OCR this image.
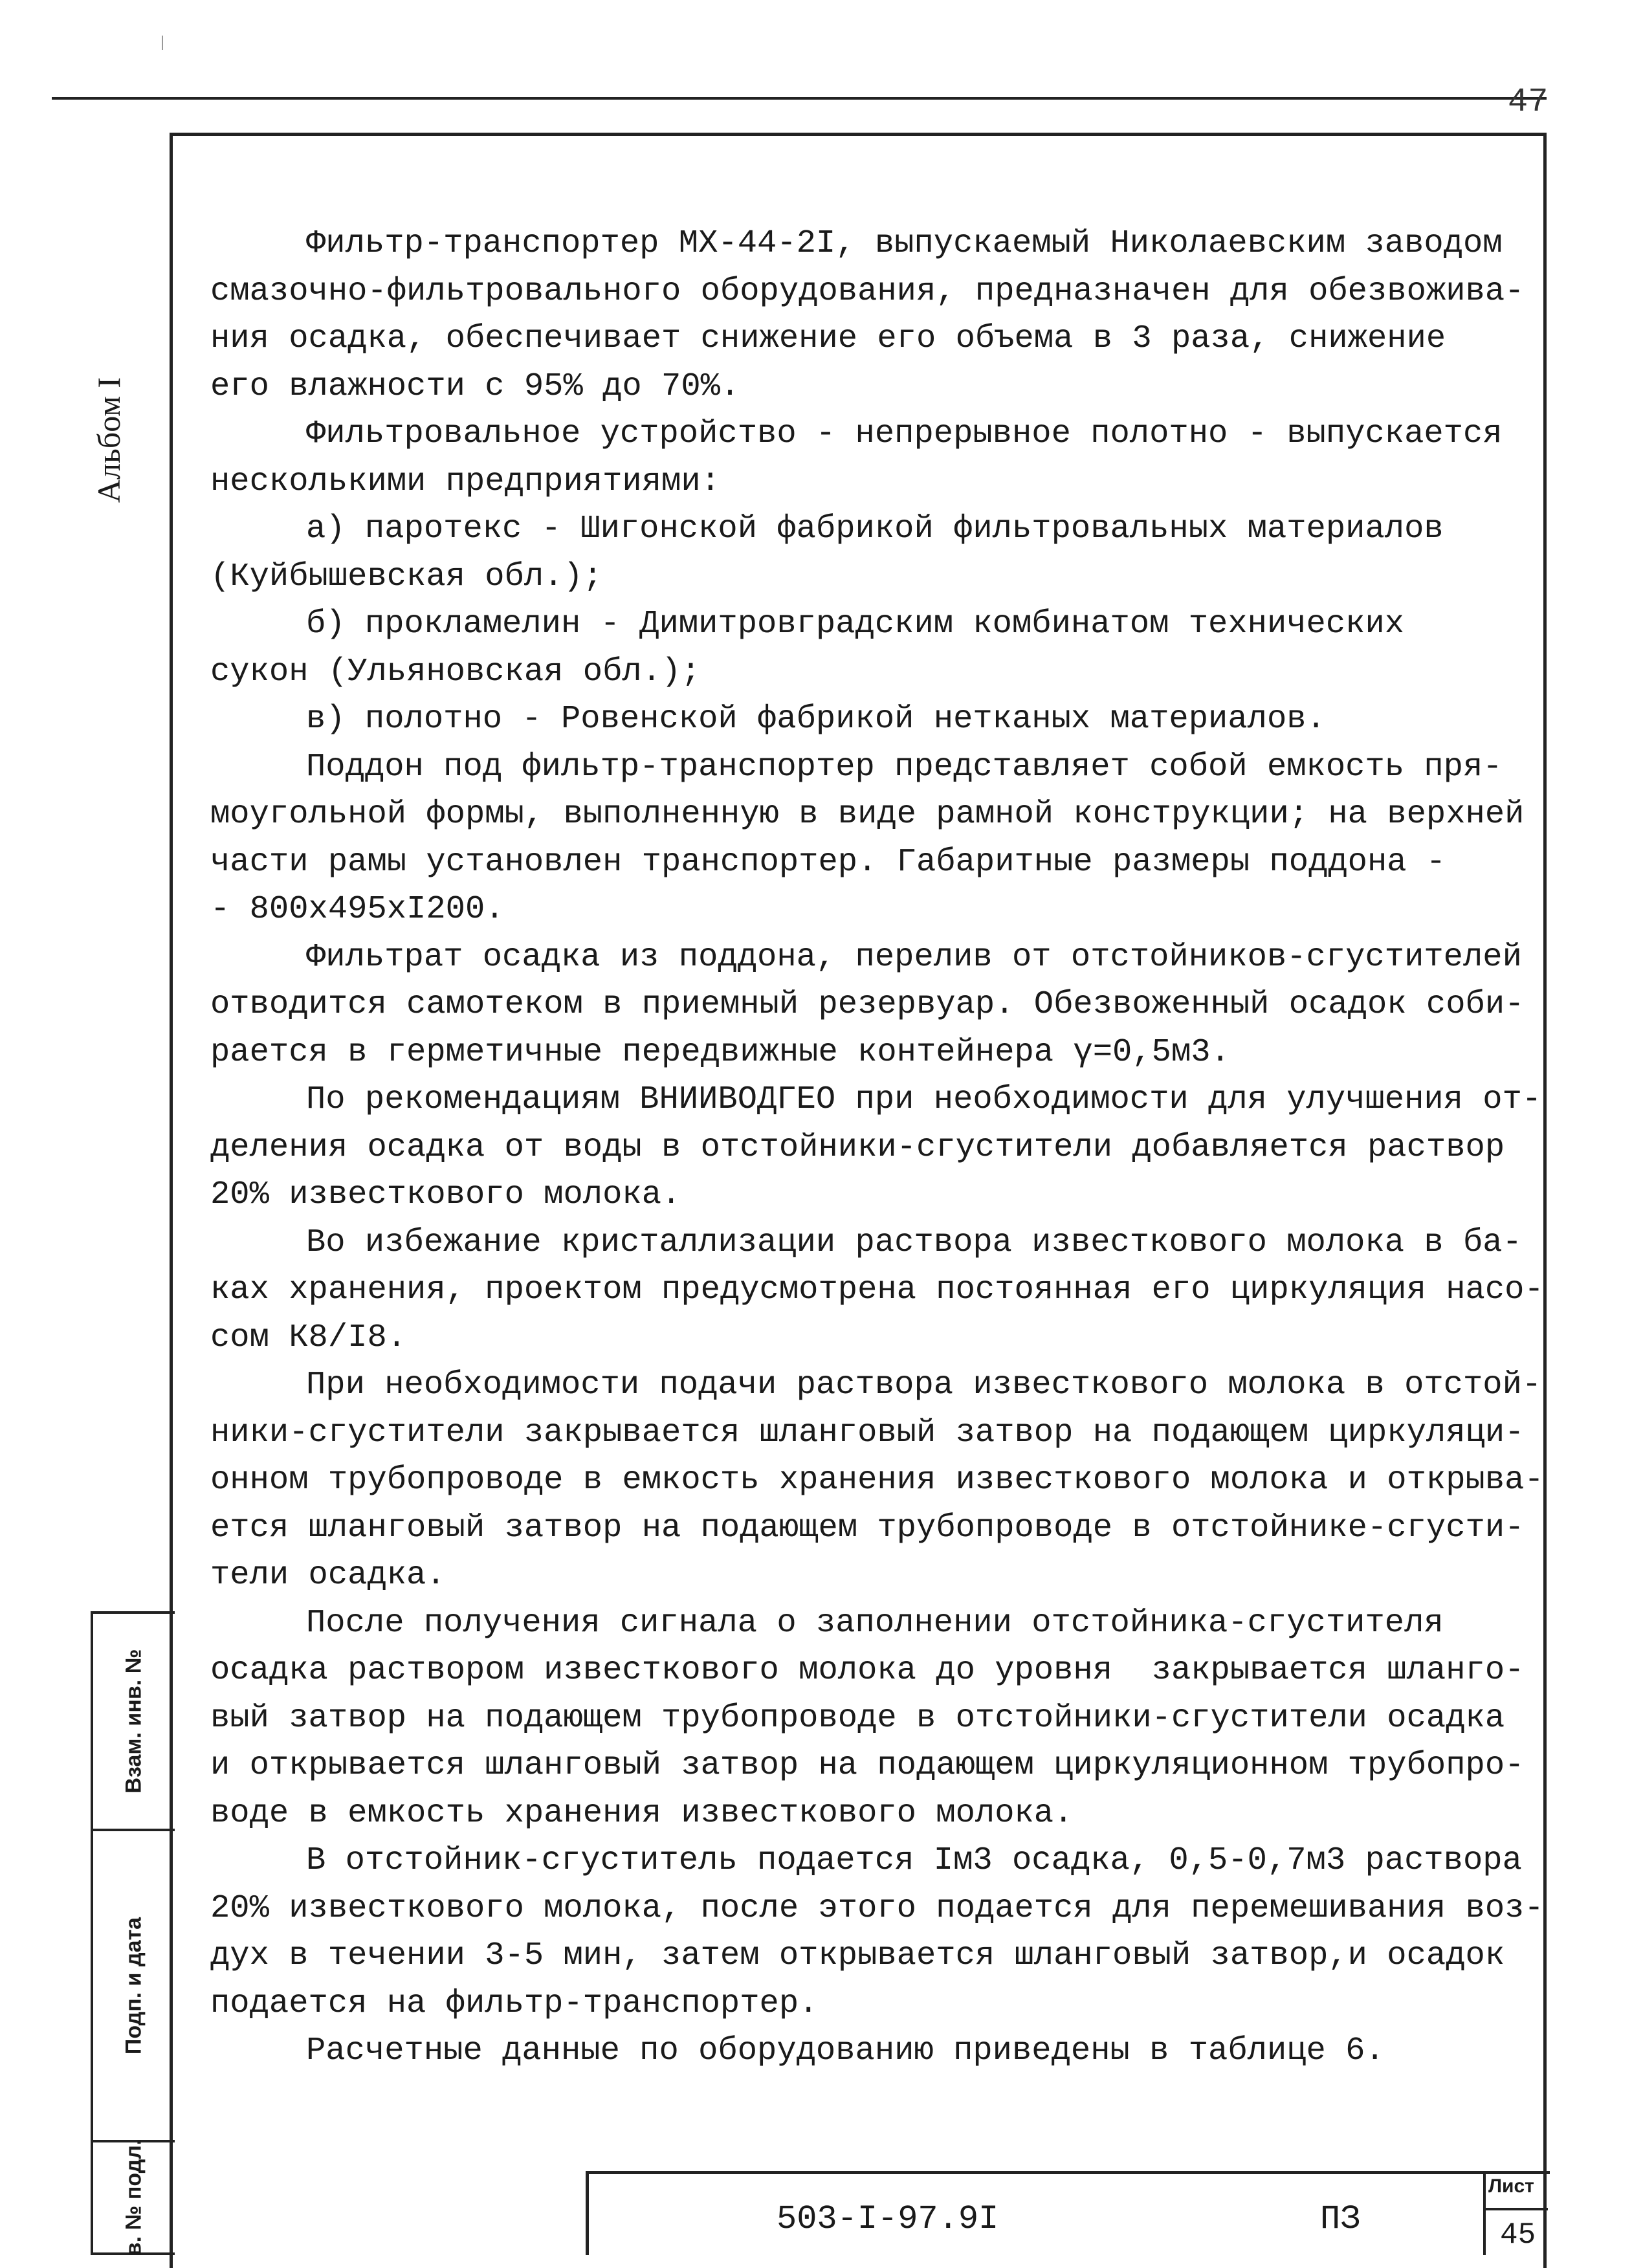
47
Альбом I
Фильтр-транспортер МХ-44-2I, выпускаемый Николаевским заводом
смазочно-фильтровального оборудования, предназначен для обезвожива-
ния осадка, обеспечивает снижение его объема в 3 раза, снижение
его влажности с 95% до 70%.
Фильтровальное устройство - непрерывное полотно - выпускается
несколькими предприятиями:
а) паротекс - Шигонской фабрикой фильтровальных материалов
(Куйбышевская обл.);
б) прокламелин - Димитровградским комбинатом технических
сукон (Ульяновская обл.);
в) полотно - Ровенской фабрикой нетканых материалов.
Поддон под фильтр-транспортер представляет собой емкость пря-
моугольной формы, выполненную в виде рамной конструкции; на верхней
части рамы установлен транспортер. Габаритные размеры поддона -
- 800х495хI200.
Фильтрат осадка из поддона, перелив от отстойников-сгустителей
отводится самотеком в приемный резервуар. Обезвоженный осадок соби-
рается в герметичные передвижные контейнера γ=0,5м3.
По рекомендациям ВНИИВОДГЕО при необходимости для улучшения от-
деления осадка от воды в отстойники-сгустители добавляется раствор
20% известкового молока.
Во избежание кристаллизации раствора известкового молока в ба-
ках хранения, проектом предусмотрена постоянная его циркуляция насо-
сом К8/I8.
При необходимости подачи раствора известкового молока в отстой-
ники-сгустители закрывается шланговый затвор на подающем циркуляци-
онном трубопроводе в емкость хранения известкового молока и открыва-
ется шланговый затвор на подающем трубопроводе в отстойнике-сгусти-
тели осадка.
После получения сигнала о заполнении отстойника-сгустителя
осадка раствором известкового молока до уровня  закрывается шланго-
вый затвор на подающем трубопроводе в отстойники-сгустители осадка
и открывается шланговый затвор на подающем циркуляционном трубопро-
воде в емкость хранения известкового молока.
В отстойник-сгуститель подается Iм3 осадка, 0,5-0,7м3 раствора
20% известкового молока, после этого подается для перемешивания воз-
дух в течении 3-5 мин, затем открывается шланговый затвор,и осадок
подается на фильтр-транспортер.
Расчетные данные по оборудованию приведены в таблице 6.
Взам. инв. №
Подп. и дата
в. № подл.	503-I-97.9I	ПЗ
Лист
45
